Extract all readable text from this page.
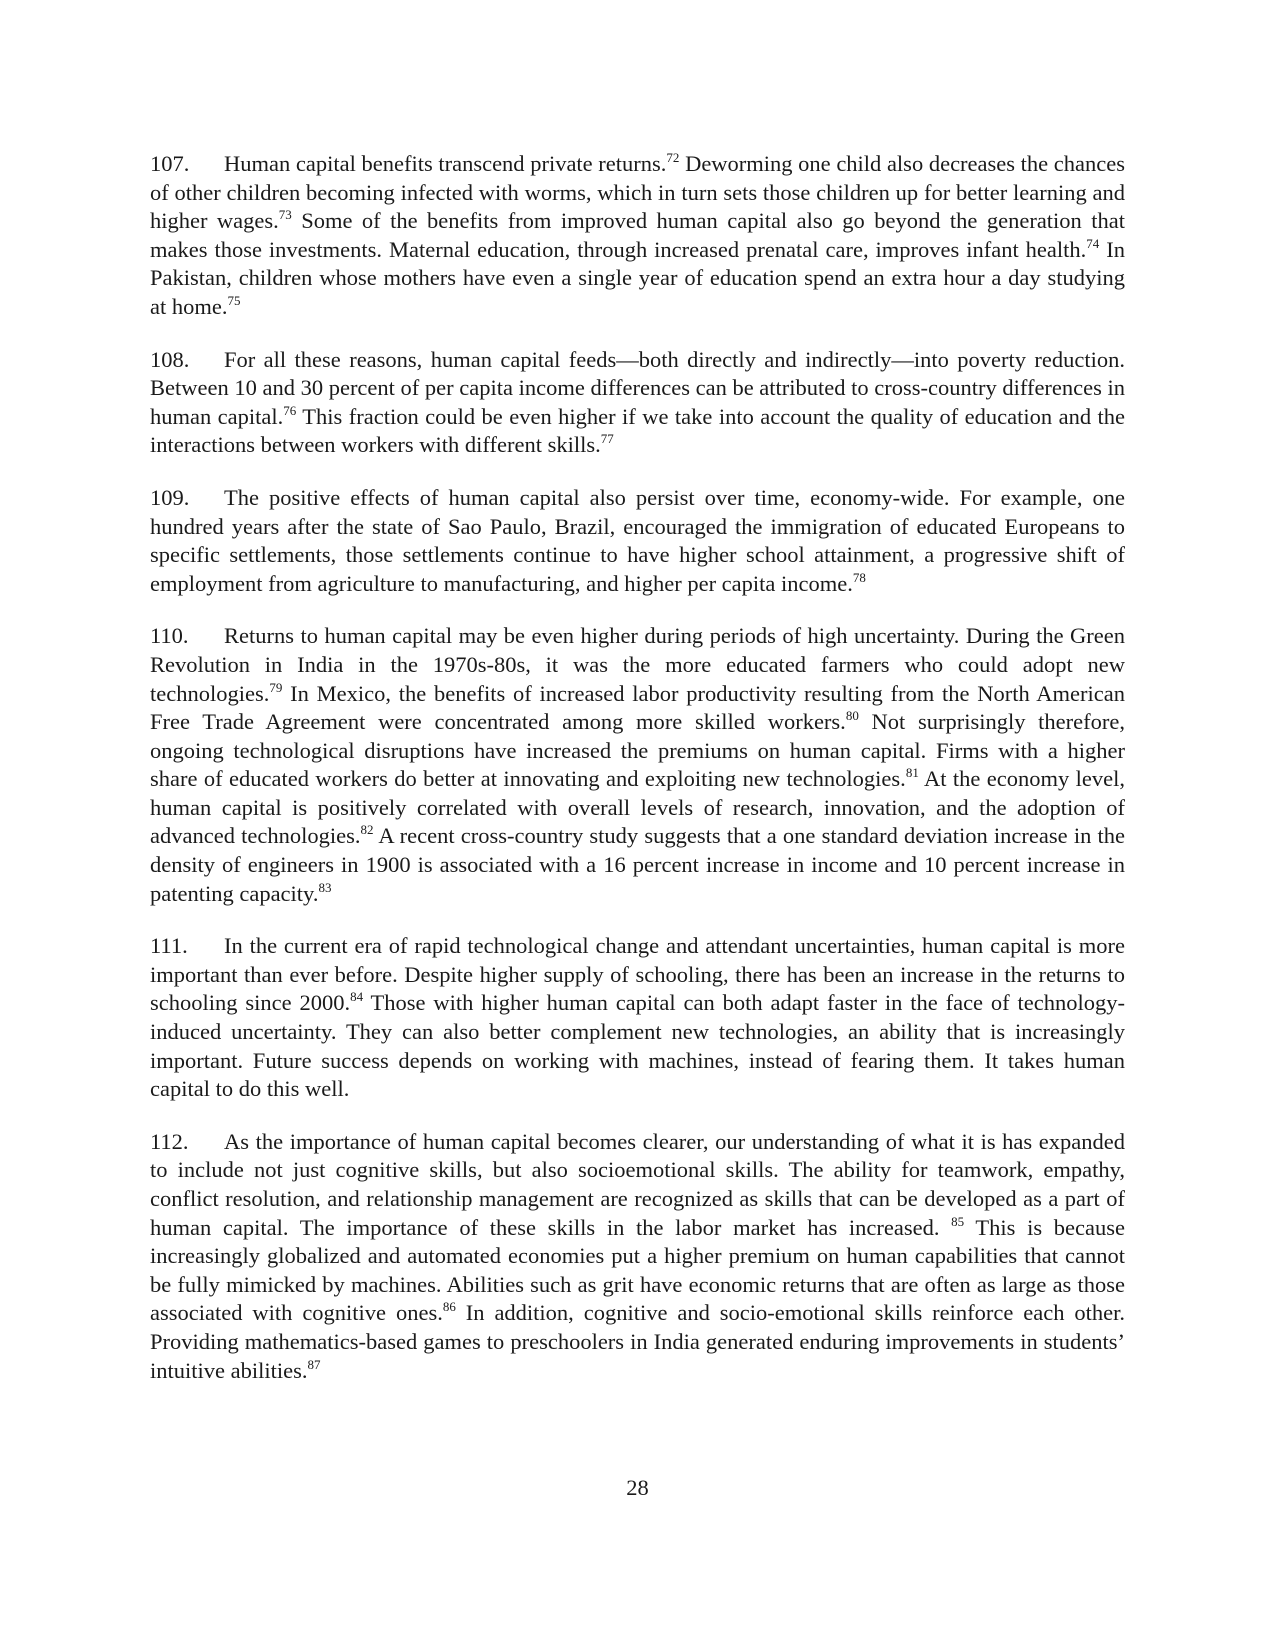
107. Human capital benefits transcend private returns.$^{72}$ Deworming one child also decreases the chances of other children becoming infected with worms, which in turn sets those children up for better learning and higher wages.$^{73}$ Some of the benefits from improved human capital also go beyond the generation that makes those investments. Maternal education, through increased prenatal care, improves infant health.$^{74}$ In Pakistan, children whose mothers have even a single year of education spend an extra hour a day studying at home.$^{75}$

108. For all these reasons, human capital feeds—both directly and indirectly—into poverty reduction. Between 10 and 30 percent of per capita income differences can be attributed to cross-country differences in human capital.$^{76}$ This fraction could be even higher if we take into account the quality of education and the interactions between workers with different skills.$^{77}$

109. The positive effects of human capital also persist over time, economy-wide. For example, one hundred years after the state of Sao Paulo, Brazil, encouraged the immigration of educated Europeans to specific settlements, those settlements continue to have higher school attainment, a progressive shift of employment from agriculture to manufacturing, and higher per capita income.$^{78}$

110. Returns to human capital may be even higher during periods of high uncertainty. During the Green Revolution in India in the 1970s-80s, it was the more educated farmers who could adopt new technologies.$^{79}$ In Mexico, the benefits of increased labor productivity resulting from the North American Free Trade Agreement were concentrated among more skilled workers.$^{80}$ Not surprisingly therefore, ongoing technological disruptions have increased the premiums on human capital. Firms with a higher share of educated workers do better at innovating and exploiting new technologies.$^{81}$ At the economy level, human capital is positively correlated with overall levels of research, innovation, and the adoption of advanced technologies.$^{82}$ A recent cross-country study suggests that a one standard deviation increase in the density of engineers in 1900 is associated with a 16 percent increase in income and 10 percent increase in patenting capacity.$^{83}$

111. In the current era of rapid technological change and attendant uncertainties, human capital is more important than ever before. Despite higher supply of schooling, there has been an increase in the returns to schooling since 2000.84 Those with higher human capital can both adapt faster in the face of technology-induced uncertainty. They can also better complement new technologies, an ability that is increasingly important. Future success depends on working with machines, instead of fearing them. It takes human capital to do this well.

112. As the importance of human capital becomes clearer, our understanding of what it is has expanded to include not just cognitive skills, but also socioemotional skills. The ability for teamwork, empathy, conflict resolution, and relationship management are recognized as skills that can be developed as a part of human capital. The importance of these skills in the labor market has increased. $^{85}$ This is because increasingly globalized and automated economies put a higher premium on human capabilities that cannot be fully mimicked by machines. Abilities such as grit have economic returns that are often as large as those associated with cognitive ones.$^{86}$ In addition, cognitive and socio-emotional skills reinforce each other. Providing mathematics-based games to preschoolers in India generated enduring improvements in students’ intuitive abilities.$^{87}$

28
